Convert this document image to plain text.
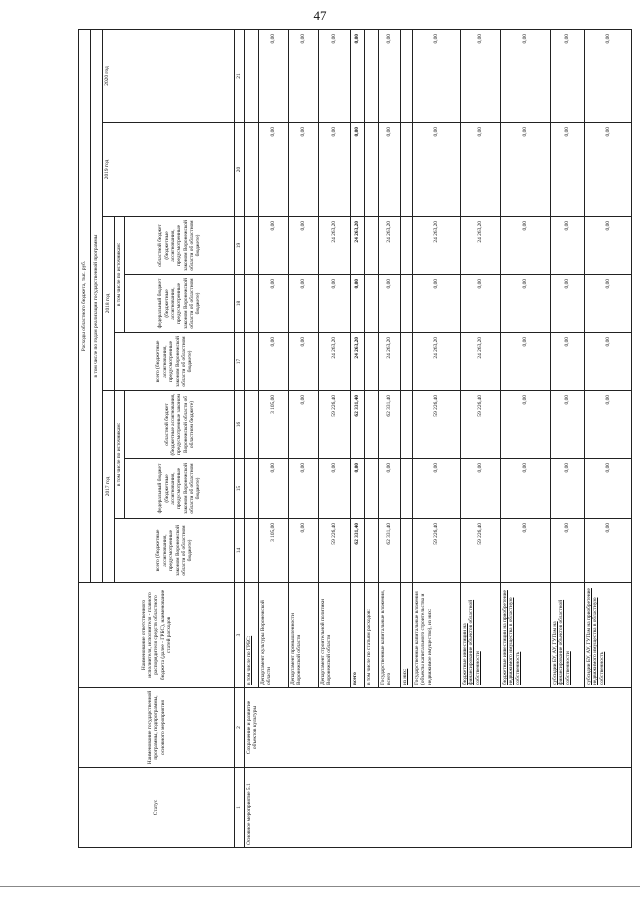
47
Статус	Наименование государственной программы, подпрограммы, основного мероприятия	Наименование ответственного исполнителя, исполнителя - главного распорядителя средств областного бюджета (далее - ГРБС), наименование статей расходов	Расходы областного бюджета, тыс. руб.							
			в том числе по годам реализации государственной программы							
			2017 год			2018 год			2019 год	2020 год
			всего (бюджетные ассигнования, предусмотренные законом Воронежской области об областном бюджете)	в том числе по источникам:		всего (бюджетные ассигнования, предусмотренные законом Воронежской области об областном бюджете)	в том числе по источникам:			
				федеральный бюджет (бюджетные ассигнования, предусмотренные законом Воронежской области об областном бюджете)	областной бюджет (бюджетные ассигнования, предусмотренные законом Воронежской области об областном бюджете)		федеральный бюджет (бюджетные ассигнования, предусмотренные законом Воронежской области об областном бюджете)	областной бюджет (бюджетные ассигнования, предусмотренные законом Воронежской области об областном бюджете)		
1	2	3	14	15	16	17	18	19	20	21
Основное мероприятие 5.1	Сохранение и развитие объектов культуры	в том числе по ГРБС:								
		Департамент культуры Воронежской области	3 105,00	0,00	3 105,00	0,00	0,00	0,00	0,00	0,00
		Департамент промышленности Воронежской области	0,00	0,00	0,00	0,00	0,00	0,00	0,00	0,00
		Департамент строительной политики Воронежской области	59 226,40	0,00	59 226,40	24 263,20	0,00	24 263,20	0,00	0,00
		всего	62 331,40	0,00	62 331,40	24 263,20	0,00	24 263,20	0,00	0,00
		в том числе по статьям расходов:								
		Государственные капитальные вложения, всего	62 331,40	0,00	62 331,40	24 263,20	0,00	24 263,20	0,00	0,00
		из них:								
		Государственные капитальные вложения (объекты капитального строительства и недвижимое имущество), из них:	59 226,40	0,00	59 226,40	24 263,20	0,00	24 263,20	0,00	0,00
		бюджетные инвестиции на финансирование объектов областной собственности	59 226,40	0,00	59 226,40	24 263,20	0,00	24 263,20	0,00	0,00
		бюджетные инвестиции на приобретение недвижимого имущества в областную собственность	0,00	0,00	0,00	0,00	0,00	0,00	0,00	0,00
		субсидии БУ, АУ, ГУПам на финансирование объектов областной собственности	0,00	0,00	0,00	0,00	0,00	0,00	0,00	0,00
		субсидии БУ, АУ, ГУПам на приобретение недвижимого имущества в областную собственность	0,00	0,00	0,00	0,00	0,00	0,00	0,00	0,00
